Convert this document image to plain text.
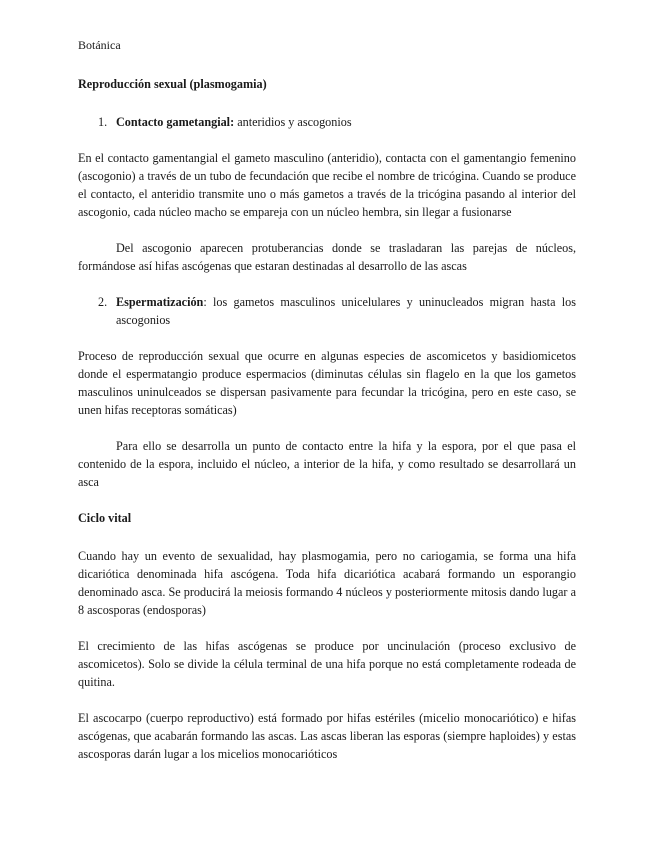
Botánica
Reproducción sexual (plasmogamia)
1. Contacto gametangial: anteridios y ascogonios

En el contacto gamentangial el gameto masculino (anteridio), contacta con el gamentangio femenino (ascogonio) a través de un tubo de fecundación que recibe el nombre de tricógina. Cuando se produce el contacto, el anteridio transmite uno o más gametos a través de la tricógina pasando al interior del ascogonio, cada núcleo macho se empareja con un núcleo hembra, sin llegar a fusionarse

Del ascogonio aparecen protuberancias donde se trasladaran las parejas de núcleos, formándose así hifas ascógenas que estaran destinadas al desarrollo de las ascas

2. Espermatización: los gametos masculinos unicelulares y uninucleados migran hasta los ascogonios

Proceso de reproducción sexual que ocurre en algunas especies de ascomicetos y basidiomicetos donde el espermatangio produce espermacios (diminutas células sin flagelo en la que los gametos masculinos uninulceados se dispersan pasivamente para fecundar la tricógina, pero en este caso, se unen hifas receptoras somáticas)

Para ello se desarrolla un punto de contacto entre la hifa y la espora, por el que pasa el contenido de la espora, incluido el núcleo, a interior de la hifa, y como resultado se desarrollará un asca

Ciclo vital

Cuando hay un evento de sexualidad, hay plasmogamia, pero no cariogamia, se forma una hifa dicariótica denominada hifa ascógena. Toda hifa dicariótica acabará formando un esporangio denominado asca. Se producirá la meiosis formando 4 núcleos y posteriormente mitosis dando lugar a 8 ascosporas (endosporas)

El crecimiento de las hifas ascógenas se produce por uncinulación (proceso exclusivo de ascomicetos). Solo se divide la célula terminal de una hifa porque no está completamente rodeada de quitina.

El ascocarpo (cuerpo reproductivo) está formado por hifas estériles (micelio monocariótico) e hifas ascógenas, que acabarán formando las ascas. Las ascas liberan las esporas (siempre haploides) y estas ascosporas darán lugar a los micelios monocarióticos
